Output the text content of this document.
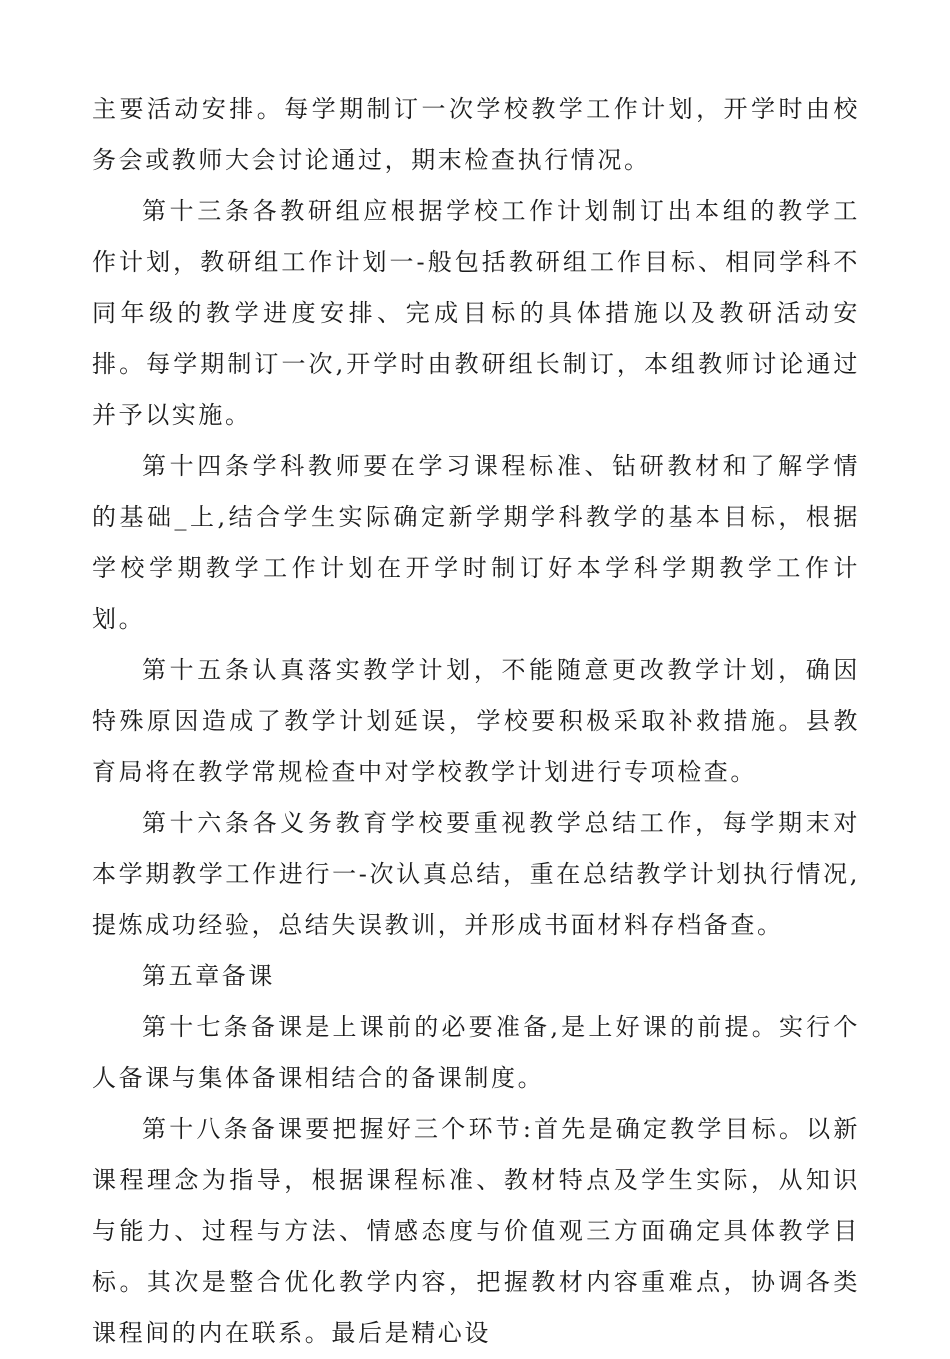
主要活动安排。每学期制订一次学校教学工作计划，开学时由校务会或教师大会讨论通过，期末检查执行情况。

第十三条各教研组应根据学校工作计划制订出本组的教学工作计划，教研组工作计划一-般包括教研组工作目标、相同学科不同年级的教学进度安排、完成目标的具体措施以及教研活动安排。每学期制订一次,开学时由教研组长制订，本组教师讨论通过并予以实施。

第十四条学科教师要在学习课程标准、钻研教材和了解学情的基础_上,结合学生实际确定新学期学科教学的基本目标，根据学校学期教学工作计划在开学时制订好本学科学期教学工作计划。

第十五条认真落实教学计划，不能随意更改教学计划，确因特殊原因造成了教学计划延误，学校要积极采取补救措施。县教育局将在教学常规检查中对学校教学计划进行专项检查。

第十六条各义务教育学校要重视教学总结工作，每学期末对本学期教学工作进行一-次认真总结，重在总结教学计划执行情况,提炼成功经验，总结失误教训，并形成书面材料存档备查。

第五章备课

第十七条备课是上课前的必要准备,是上好课的前提。实行个人备课与集体备课相结合的备课制度。

第十八条备课要把握好三个环节:首先是确定教学目标。以新课程理念为指导，根据课程标准、教材特点及学生实际，从知识与能力、过程与方法、情感态度与价值观三方面确定具体教学目标。其次是整合优化教学内容，把握教材内容重难点，协调各类课程间的内在联系。最后是精心设
